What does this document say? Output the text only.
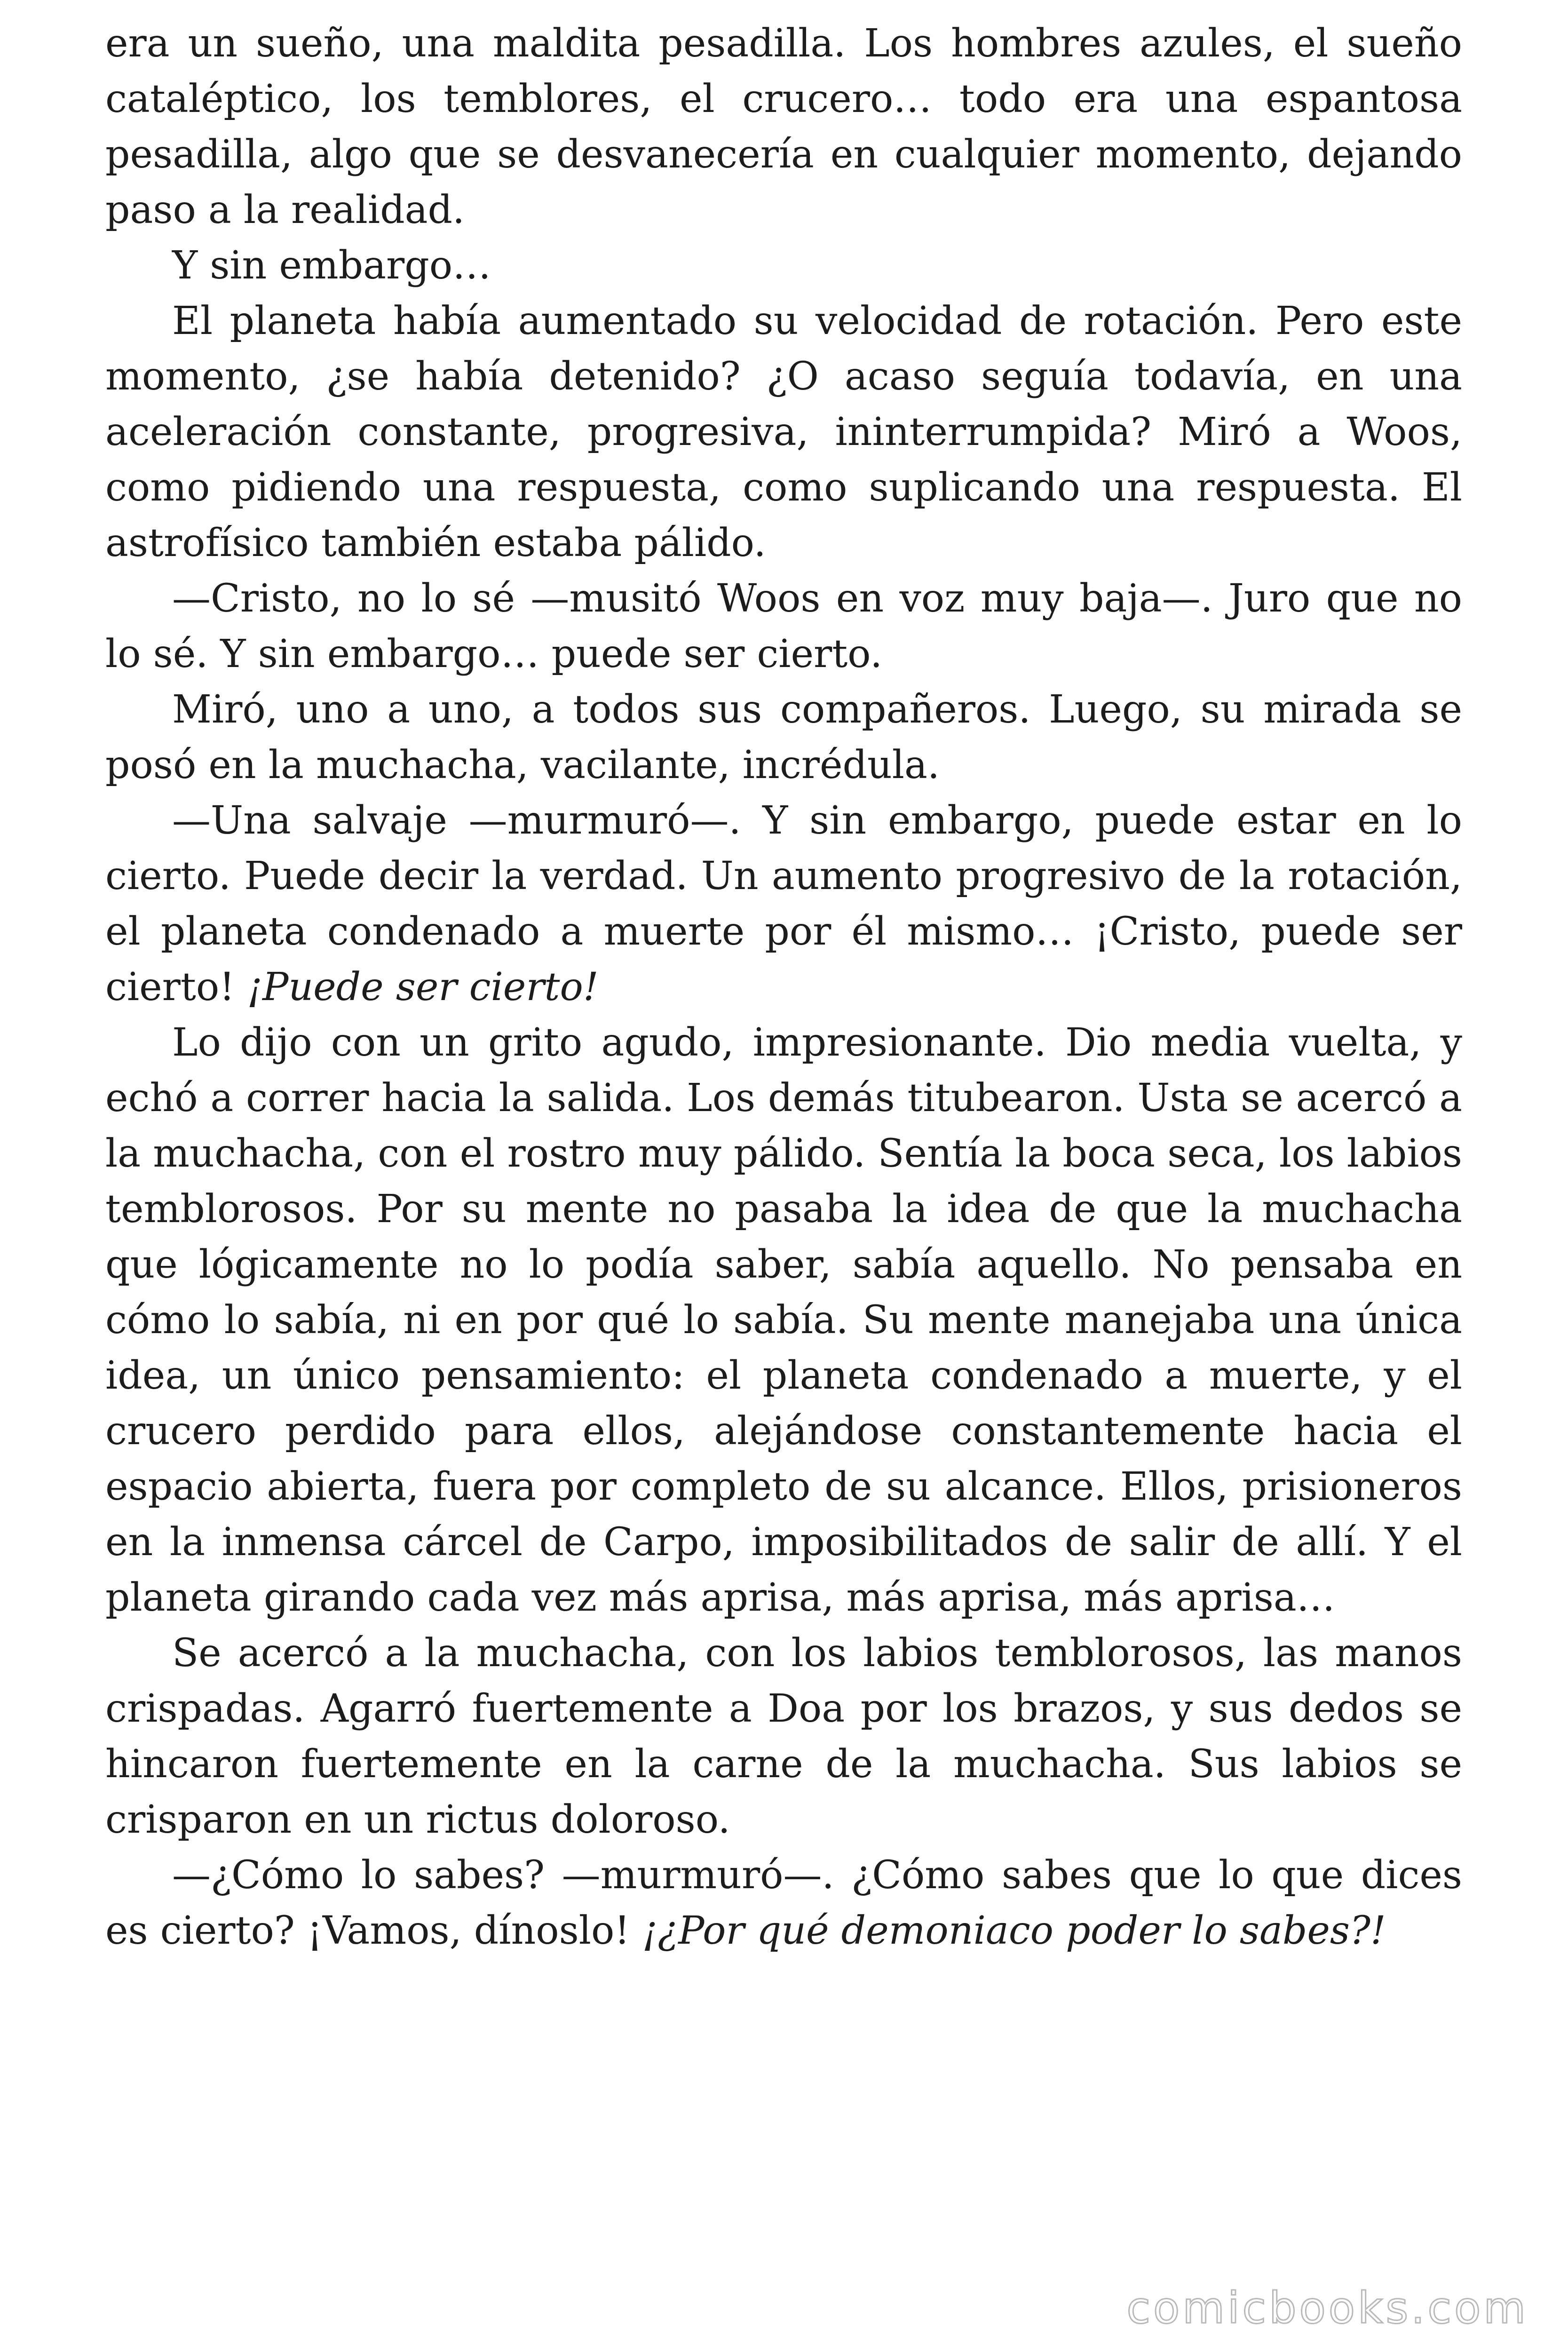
era un sueño, una maldita pesadilla. Los hombres azules, el sueño cataléptico, los temblores, el crucero… todo era una espantosa pesadilla, algo que se desvanecería en cualquier momento, dejando paso a la realidad.

Y sin embargo…

El planeta había aumentado su velocidad de rotación. Pero este momento, ¿se había detenido? ¿O acaso seguía todavía, en una aceleración constante, progresiva, ininterrumpida? Miró a Woos, como pidiendo una respuesta, como suplicando una respuesta. El astrofísico también estaba pálido.

—Cristo, no lo sé —musitó Woos en voz muy baja—. Juro que no lo sé. Y sin embargo… puede ser cierto.

Miró, uno a uno, a todos sus compañeros. Luego, su mirada se posó en la muchacha, vacilante, incrédula.

—Una salvaje —murmuró—. Y sin embargo, puede estar en lo cierto. Puede decir la verdad. Un aumento progresivo de la rotación, el planeta condenado a muerte por él mismo… ¡Cristo, puede ser cierto! ¡Puede ser cierto!

Lo dijo con un grito agudo, impresionante. Dio media vuelta, y echó a correr hacia la salida. Los demás titubearon. Usta se acercó a la muchacha, con el rostro muy pálido. Sentía la boca seca, los labios temblorosos. Por su mente no pasaba la idea de que la muchacha que lógicamente no lo podía saber, sabía aquello. No pensaba en cómo lo sabía, ni en por qué lo sabía. Su mente manejaba una única idea, un único pensamiento: el planeta condenado a muerte, y el crucero perdido para ellos, alejándose constantemente hacia el espacio abierta, fuera por completo de su alcance. Ellos, prisioneros en la inmensa cárcel de Carpo, imposibilitados de salir de allí. Y el planeta girando cada vez más aprisa, más aprisa, más aprisa…

Se acercó a la muchacha, con los labios temblorosos, las manos crispadas. Agarró fuertemente a Doa por los brazos, y sus dedos se hincaron fuertemente en la carne de la muchacha. Sus labios se crisparon en un rictus doloroso.

—¿Cómo lo sabes? —murmuró—. ¿Cómo sabes que lo que dices es cierto? ¡Vamos, dínoslo! ¡¿Por qué demoniaco poder lo sabes?!

comicbooks.com
